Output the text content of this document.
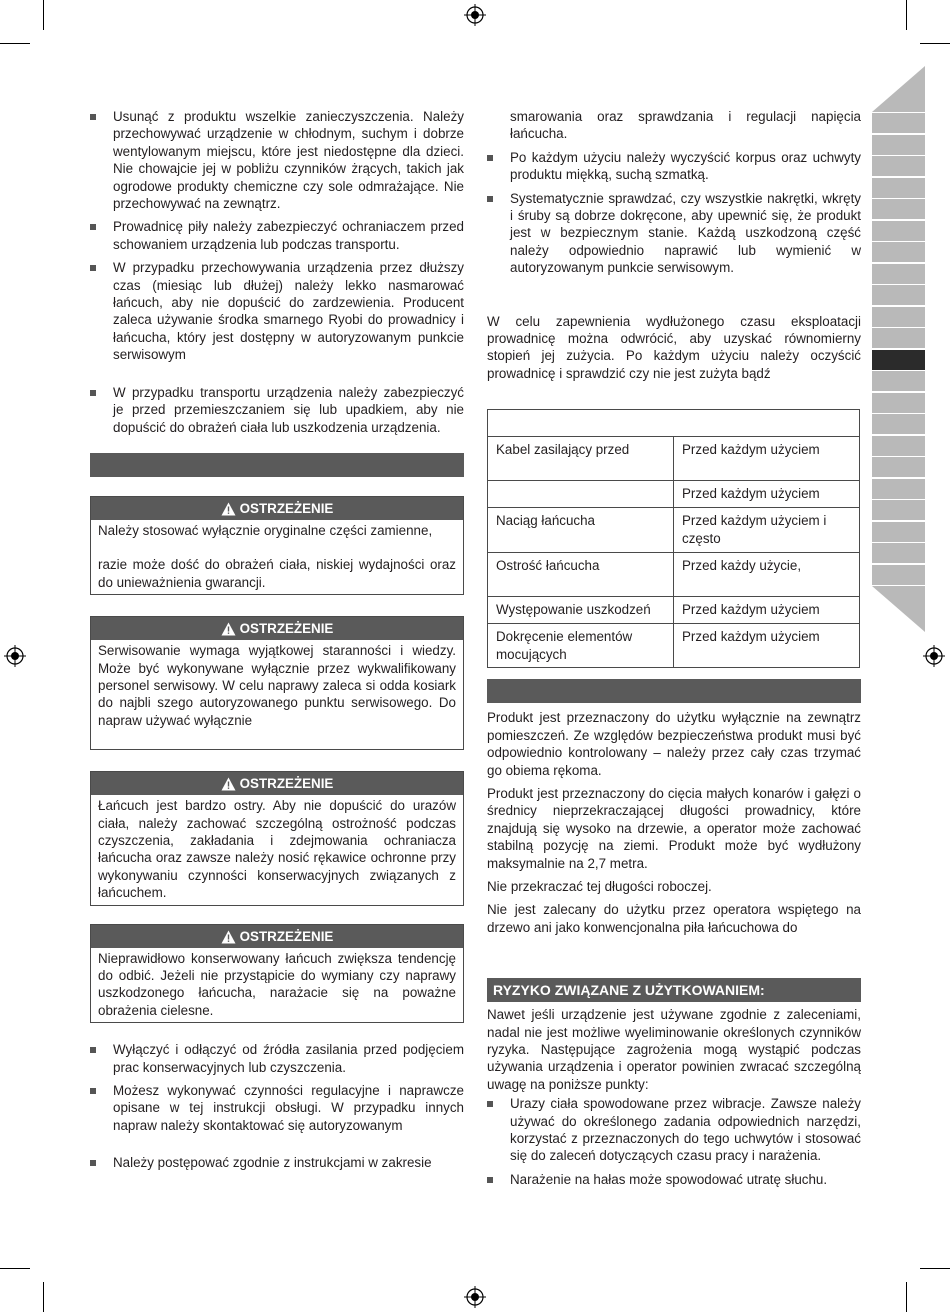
Usunąć z produktu wszelkie zanieczyszczenia. Należy przechowywać urządzenie w chłodnym, suchym i dobrze wentylowanym miejscu, które jest niedostępne dla dzieci. Nie chowajcie jej w pobliżu czynników żrących, takich jak ogrodowe produkty chemiczne czy sole odmrażające. Nie przechowywać na zewnątrz.
Prowadnicę piły należy zabezpieczyć ochraniaczem przed schowaniem urządzenia lub podczas transportu.
W przypadku przechowywania urządzenia przez dłuższy czas (miesiąc lub dłużej) należy lekko nasmarować łańcuch, aby nie dopuścić do zardzewienia. Producent zaleca używanie środka smarnego Ryobi do prowadnicy i łańcucha, który jest dostępny w autoryzowanym punkcie serwisowym
W przypadku transportu urządzenia należy zabezpieczyć je przed przemieszczaniem się lub upadkiem, aby nie dopuścić do obrażeń ciała lub uszkodzenia urządzenia.
OSTRZEŻENIE
Należy stosować wyłącznie oryginalne części zamienne,
razie może dość do obrażeń ciała, niskiej wydajności oraz do unieważnienia gwarancji.
OSTRZEŻENIE
Serwisowanie wymaga wyjątkowej staranności i wiedzy. Może być wykonywane wyłącznie przez wykwalifikowany personel serwisowy. W celu naprawy zaleca si odda kosiark do najbli szego autoryzowanego punktu serwisowego. Do napraw używać wyłącznie
OSTRZEŻENIE
Łańcuch jest bardzo ostry. Aby nie dopuścić do urazów ciała, należy zachować szczególną ostrożność podczas czyszczenia, zakładania i zdejmowania ochraniacza łańcucha oraz zawsze należy nosić rękawice ochronne przy wykonywaniu czynności konserwacyjnych związanych z łańcuchem.
OSTRZEŻENIE
Nieprawidłowo konserwowany łańcuch zwiększa tendencję do odbić. Jeżeli nie przystąpicie do wymiany czy naprawy uszkodzonego łańcucha, narażacie się na poważne obrażenia cielesne.
Wyłączyć i odłączyć od źródła zasilania przed podjęciem prac konserwacyjnych lub czyszczenia.
Możesz wykonywać czynności regulacyjne i naprawcze opisane w tej instrukcji obsługi. W przypadku innych napraw należy skontaktować się autoryzowanym
Należy postępować zgodnie z instrukcjami w zakresie
smarowania oraz sprawdzania i regulacji napięcia łańcucha.
Po każdym użyciu należy wyczyścić korpus oraz uchwyty produktu miękką, suchą szmatką.
Systematycznie sprawdzać, czy wszystkie nakrętki, wkręty i śruby są dobrze dokręcone, aby upewnić się, że produkt jest w bezpiecznym stanie. Każdą uszkodzoną część należy odpowiednio naprawić lub wymienić w autoryzowanym punkcie serwisowym.

W celu zapewnienia wydłużonego czasu eksploatacji prowadnicę można odwrócić, aby uzyskać równomierny stopień jej zużycia. Po każdym użyciu należy oczyścić prowadnicę i sprawdzić czy nie jest zużyta bądź

Kabel zasilający przed	Przed każdym użyciem
	Przed każdym użyciem
Naciąg łańcucha	Przed każdym użyciem i często
Ostrość łańcucha	Przed każdy użycie,
Występowanie uszkodzeń	Przed każdym użyciem
Dokręcenie elementów mocujących	Przed każdym użyciem

Produkt jest przeznaczony do użytku wyłącznie na zewnątrz pomieszczeń. Ze względów bezpieczeństwa produkt musi być odpowiednio kontrolowany – należy przez cały czas trzymać go obiema rękoma.

Produkt jest przeznaczony do cięcia małych konarów i gałęzi o średnicy nieprzekraczającej długości prowadnicy, które znajdują się wysoko na drzewie, a operator może zachować stabilną pozycję na ziemi. Produkt może być wydłużony maksymalnie na 2,7 metra.

Nie przekraczać tej długości roboczej.

Nie jest zalecany do użytku przez operatora wspiętego na drzewo ani jako konwencjonalna piła łańcuchowa do

RYZYKO ZWIĄZANE Z UŻYTKOWANIEM:

Nawet jeśli urządzenie jest używane zgodnie z zaleceniami, nadal nie jest możliwe wyeliminowanie określonych czynników ryzyka. Następujące zagrożenia mogą wystąpić podczas używania urządzenia i operator powinien zwracać szczególną uwagę na poniższe punkty:

Urazy ciała spowodowane przez wibracje. Zawsze należy używać do określonego zadania odpowiednich narzędzi, korzystać z przeznaczonych do tego uchwytów i stosować się do zaleceń dotyczących czasu pracy i narażenia.
Narażenie na hałas może spowodować utratę słuchu.
